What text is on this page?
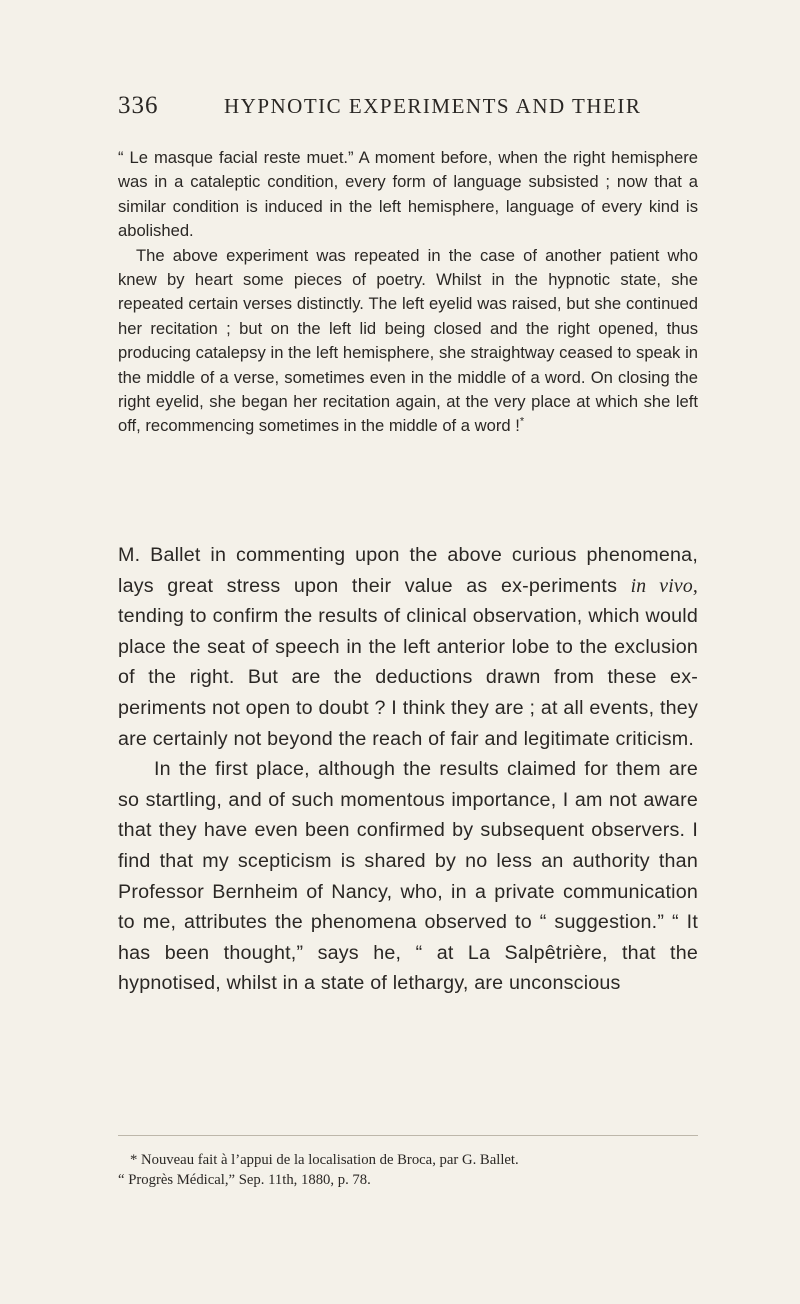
336	HYPNOTIC EXPERIMENTS AND THEIR

“ Le masque facial reste muet.” A moment before, when the right hemisphere was in a cataleptic condition, every form of language subsisted ; now that a similar condition is induced in the left hemisphere, language of every kind is abolished.

The above experiment was repeated in the case of another patient who knew by heart some pieces of poetry. Whilst in the hypnotic state, she repeated certain verses distinctly. The left eyelid was raised, but she continued her recitation ; but on the left lid being closed and the right opened, thus producing catalepsy in the left hemisphere, she straightway ceased to speak in the middle of a verse, sometimes even in the middle of a word. On closing the right eyelid, she began her recitation again, at the very place at which she left off, recommencing sometimes in the middle of a word !*

M. Ballet in commenting upon the above curious phenomena, lays great stress upon their value as ex-periments in vivo, tending to confirm the results of clinical observation, which would place the seat of speech in the left anterior lobe to the exclusion of the right. But are the deductions drawn from these ex-periments not open to doubt ? I think they are ; at all events, they are certainly not beyond the reach of fair and legitimate criticism.

In the first place, although the results claimed for them are so startling, and of such momentous importance, I am not aware that they have even been confirmed by subsequent observers. I find that my scepticism is shared by no less an authority than Professor Bernheim of Nancy, who, in a private communication to me, attributes the phenomena observed to “ suggestion.” “ It has been thought,” says he, “ at La Salpêtrière, that the hypnotised, whilst in a state of lethargy, are unconscious

* Nouveau fait à l’appui de la localisation de Broca, par G. Ballet.

“ Progrès Médical,” Sep. 11th, 1880, p. 78.
